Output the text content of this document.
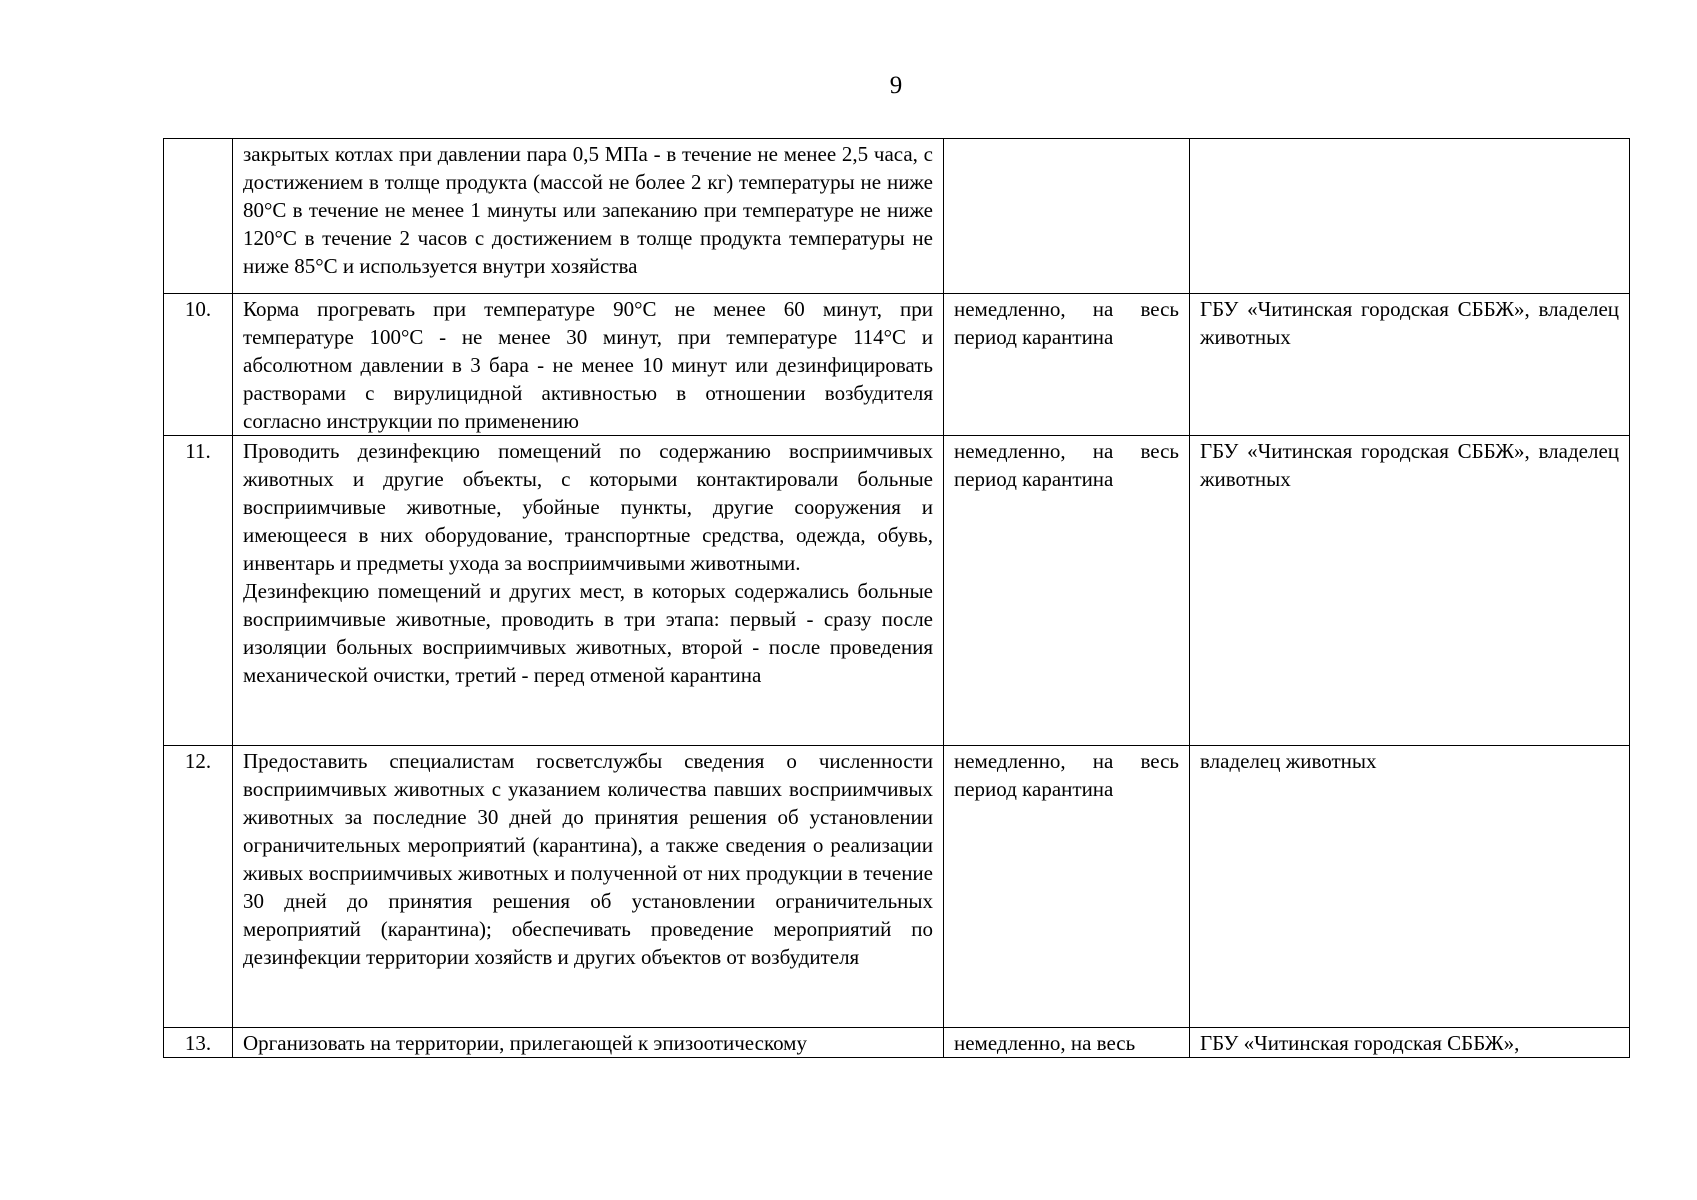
9

	закрытых котлах при давлении пара 0,5 МПа - в течение не менее 2,5 часа, с достижением в толще продукта (массой не более 2 кг) температуры не ниже 80°С в течение не менее 1 минуты или запеканию при температуре не ниже 120°С в течение 2 часов с достижением в толще продукта температуры не ниже 85°С и используется внутри хозяйства		

10.	Корма прогревать при температуре 90°С не менее 60 минут, при температуре 100°С - не менее 30 минут, при температуре 114°С и абсолютном давлении в 3 бара - не менее 10 минут или дезинфицировать растворами с вирулицидной активностью в отношении возбудителя согласно инструкции по применению	немедленно, на весь период карантина	ГБУ «Читинская городская СББЖ», владелец животных
11.	Проводить дезинфекцию помещений по содержанию восприимчивых животных и другие объекты, с которыми контактировали больные восприимчивые животные, убойные пункты, другие сооружения и имеющееся в них оборудование, транспортные средства, одежда, обувь, инвентарь и предметы ухода за восприимчивыми животными.
Дезинфекцию помещений и других мест, в которых содержались больные восприимчивые животные, проводить в три этапа: первый - сразу после изоляции больных восприимчивых животных, второй - после проведения механической очистки, третий - перед отменой карантина	немедленно, на весь период карантина	ГБУ «Читинская городская СББЖ», владелец животных
12.	Предоставить специалистам госветслужбы сведения о численности восприимчивых животных с указанием количества павших восприимчивых животных за последние 30 дней до принятия решения об установлении ограничительных мероприятий (карантина), а также сведения о реализации живых восприимчивых животных и полученной от них продукции в течение 30 дней до принятия решения об установлении ограничительных мероприятий (карантина); обеспечивать проведение мероприятий по дезинфекции территории хозяйств и других объектов от возбудителя	немедленно, на весь период карантина	владелец животных
13.	Организовать на территории, прилегающей к эпизоотическому	немедленно, на весь	ГБУ «Читинская городская СББЖ»,
